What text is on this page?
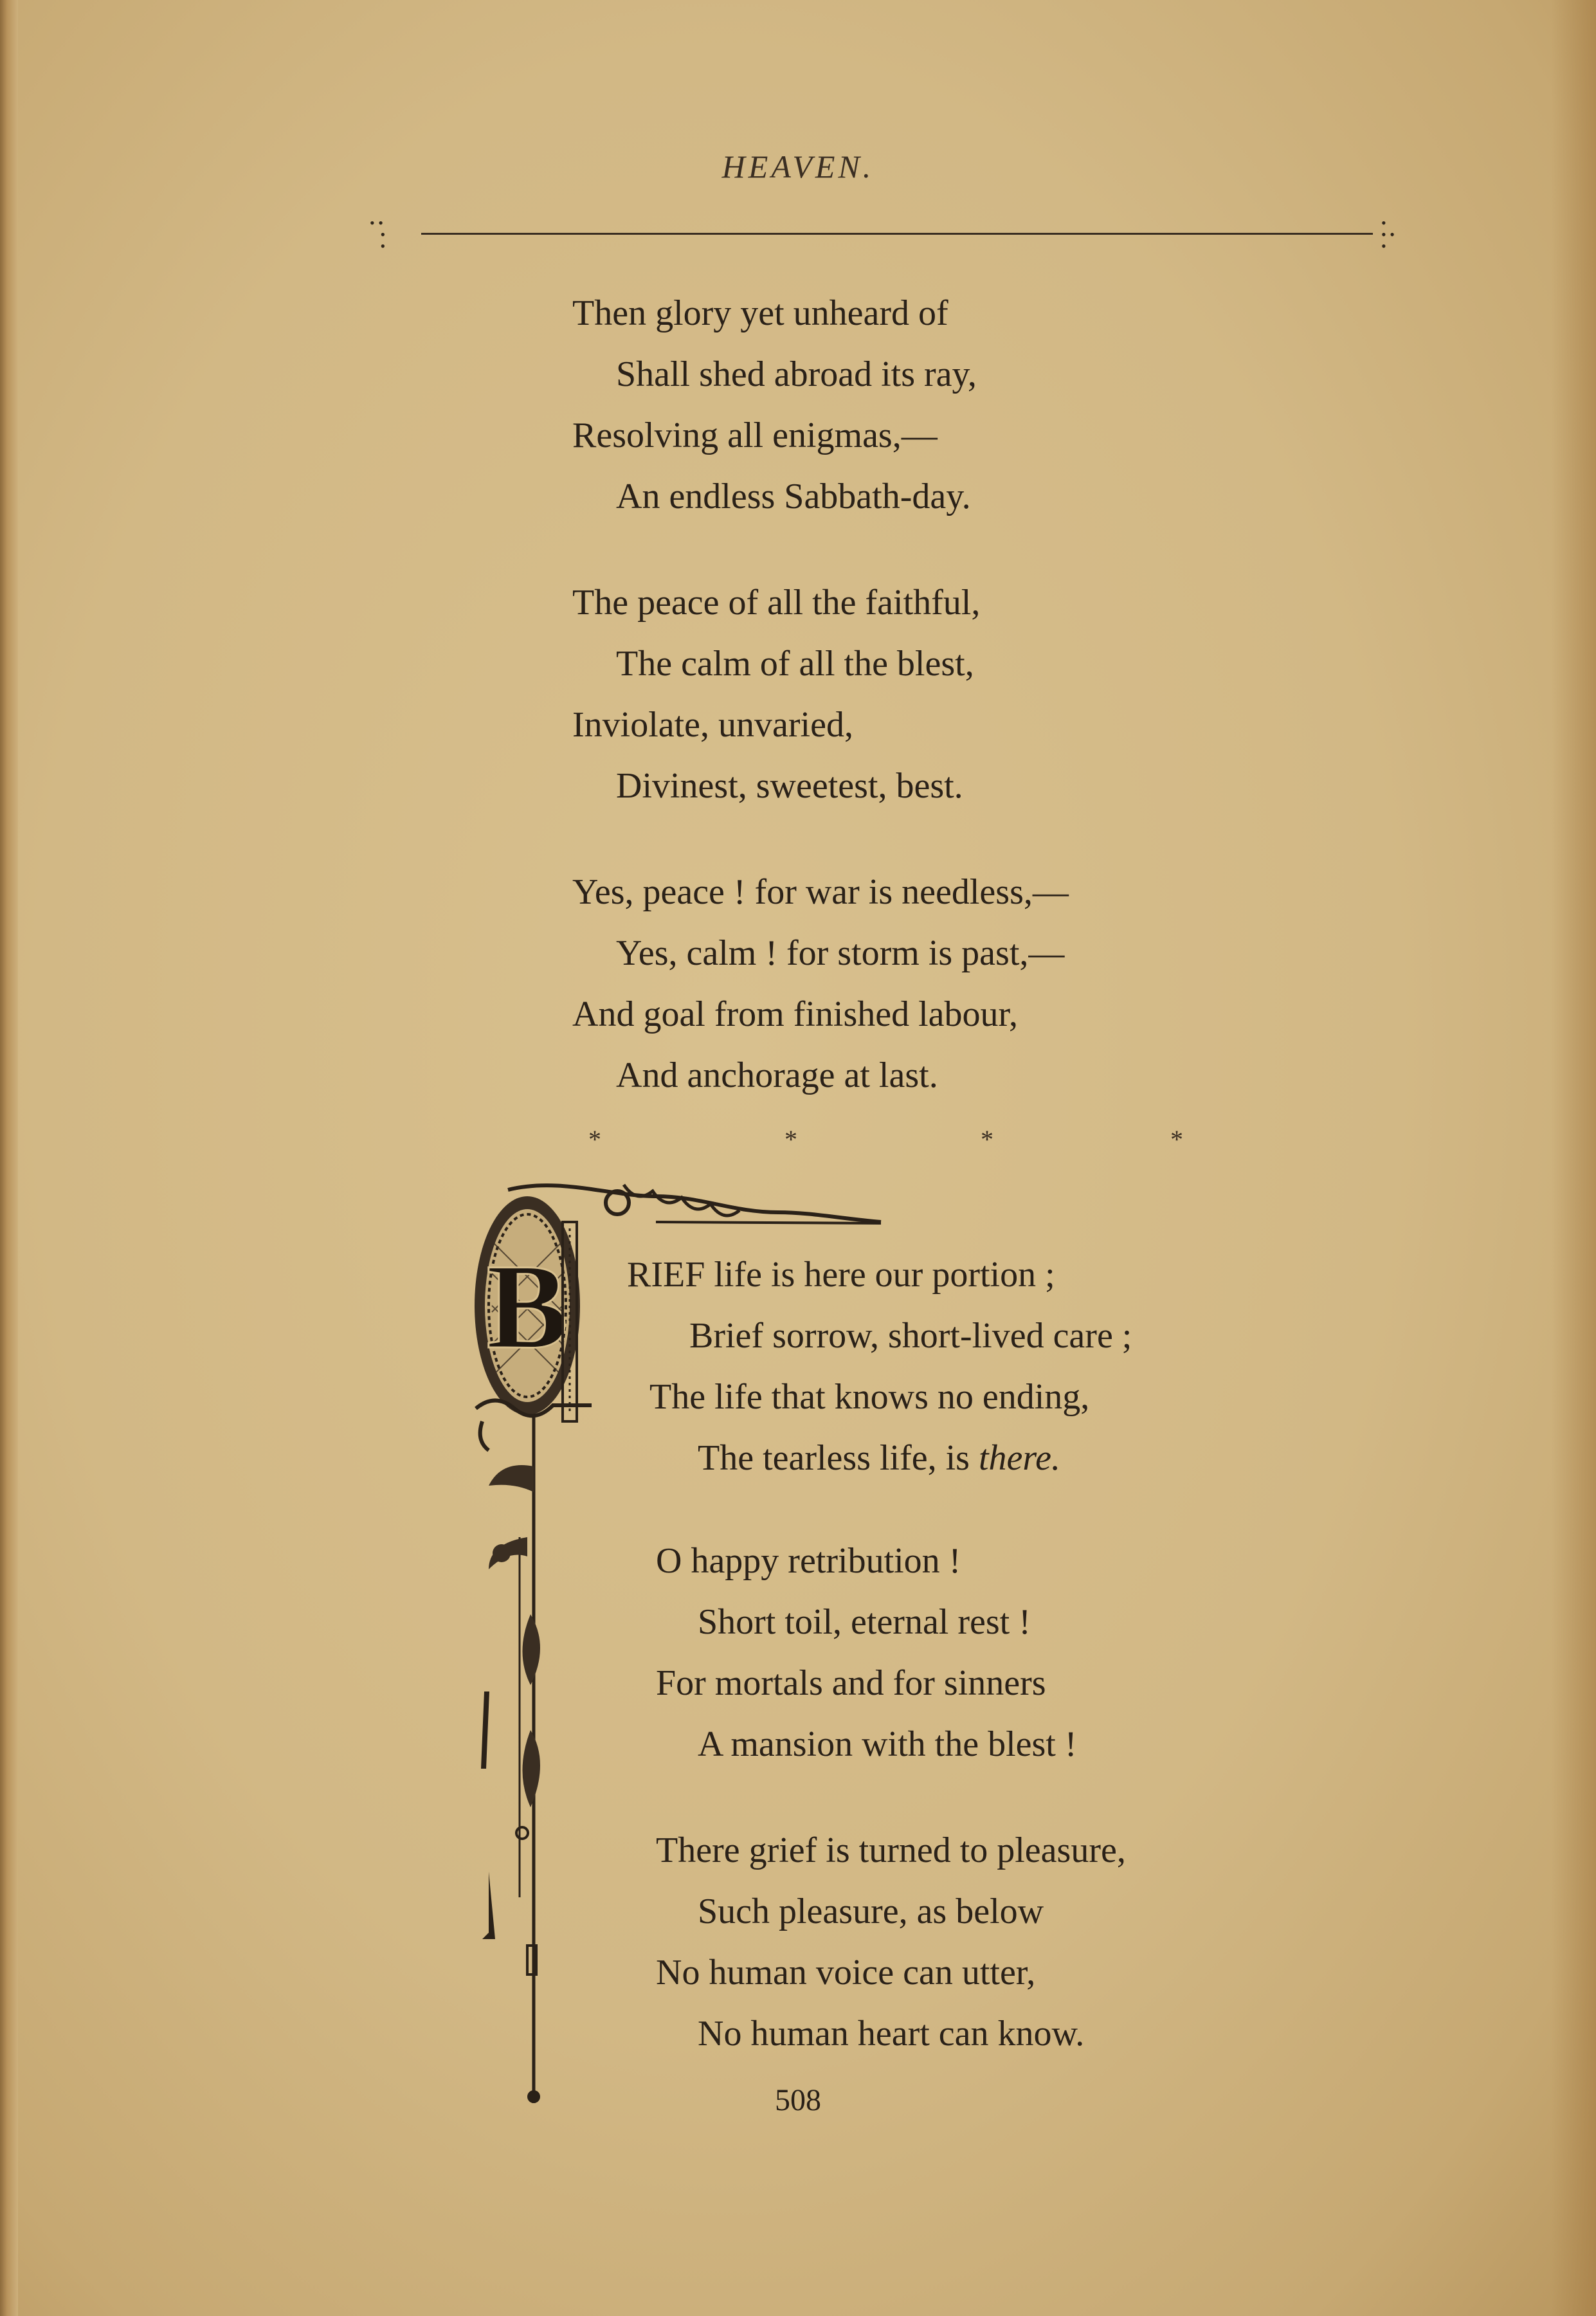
HEAVEN.
• •
•
•
•
• •
•
Then glory yet unheard of
Shall shed abroad its ray,
Resolving all enigmas,—
An endless Sabbath-day.
The peace of all the faithful,
The calm of all the blest,
Inviolate, unvaried,
Divinest, sweetest, best.
Yes, peace ! for war is needless,—
Yes, calm ! for storm is past,—
And goal from finished labour,
And anchorage at last.
*	*	*	*
B RIEF life is here our portion ;
Brief sorrow, short-lived care ;
The life that knows no ending,
The tearless life, is there.
O happy retribution !
Short toil, eternal rest !
For mortals and for sinners
A mansion with the blest !
There grief is turned to pleasure,
Such pleasure, as below
No human voice can utter,
No human heart can know.
508
